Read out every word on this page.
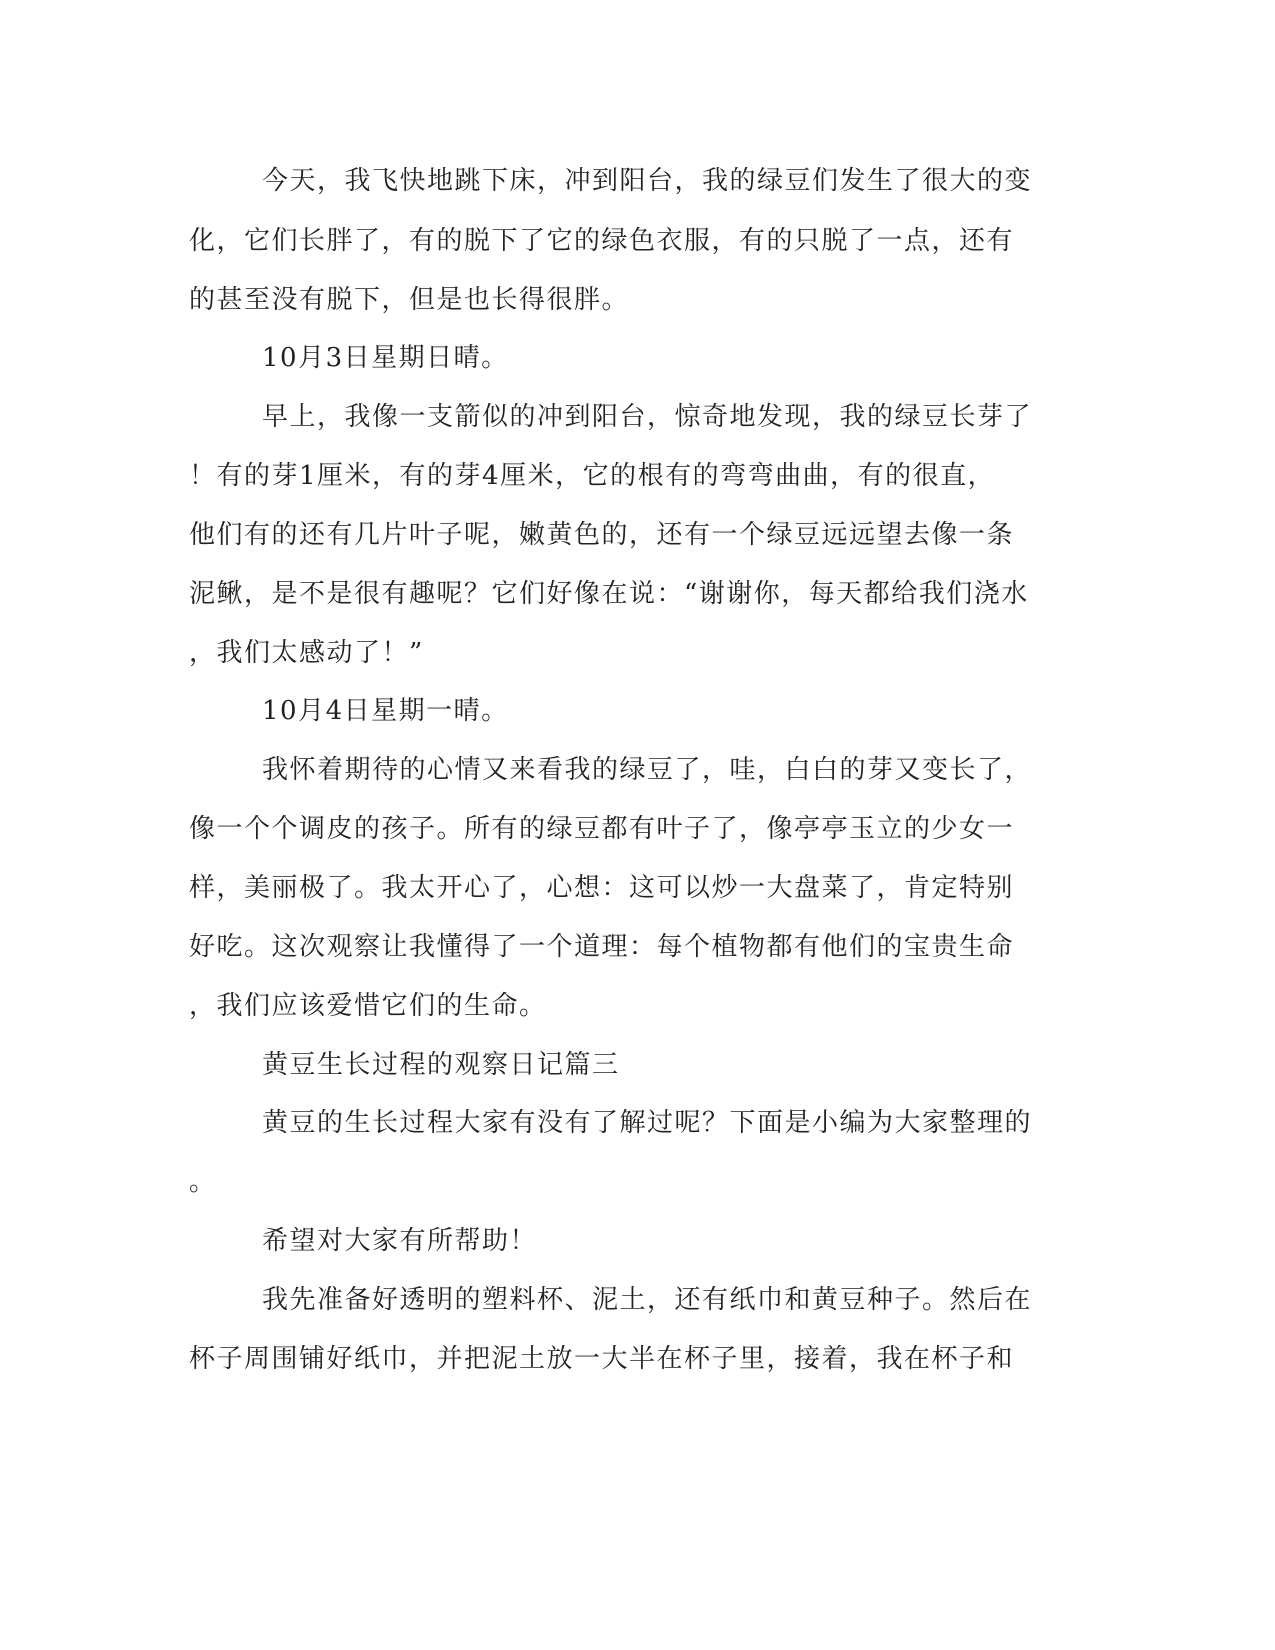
今天，我飞快地跳下床，冲到阳台，我的绿豆们发生了很大的变
化，它们长胖了，有的脱下了它的绿色衣服，有的只脱了一点，还有
的甚至没有脱下，但是也长得很胖。
10月3日星期日晴。
早上，我像一支箭似的冲到阳台，惊奇地发现，我的绿豆长芽了
！有的芽1厘米，有的芽4厘米，它的根有的弯弯曲曲，有的很直，
他们有的还有几片叶子呢，嫩黄色的，还有一个绿豆远远望去像一条
泥鳅，是不是很有趣呢？它们好像在说：“谢谢你，每天都给我们浇水
，我们太感动了！”
10月4日星期一晴。
我怀着期待的心情又来看我的绿豆了，哇，白白的芽又变长了，
像一个个调皮的孩子。所有的绿豆都有叶子了，像亭亭玉立的少女一
样，美丽极了。我太开心了，心想：这可以炒一大盘菜了，肯定特别
好吃。这次观察让我懂得了一个道理：每个植物都有他们的宝贵生命
，我们应该爱惜它们的生命。
黄豆生长过程的观察日记篇三
黄豆的生长过程大家有没有了解过呢？下面是小编为大家整理的
。
希望对大家有所帮助！
我先准备好透明的塑料杯、泥土，还有纸巾和黄豆种子。然后在
杯子周围铺好纸巾，并把泥土放一大半在杯子里，接着，我在杯子和
